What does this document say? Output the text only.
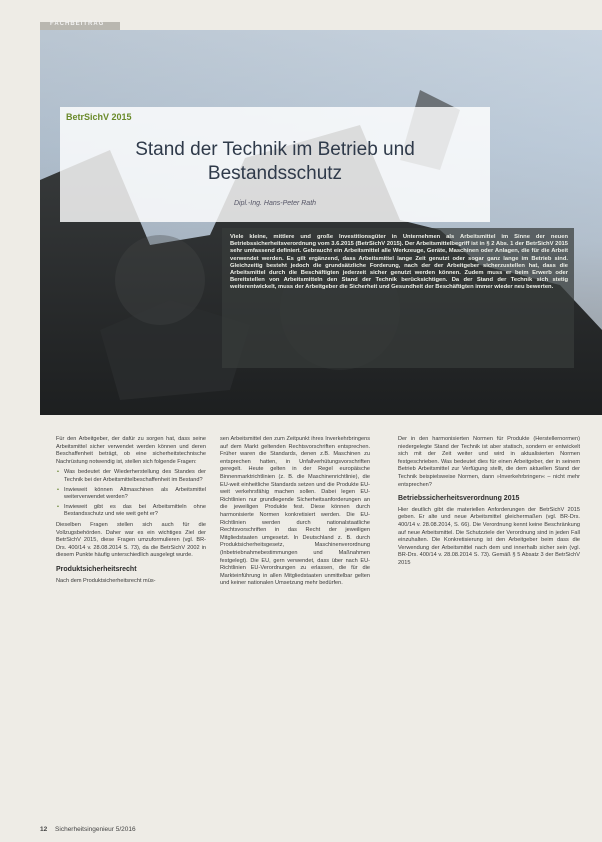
FACHBEITRAG
BetrSichV 2015
Stand der Technik im Betrieb und Bestandsschutz
Dipl.-Ing. Hans-Peter Rath
Viele kleine, mittlere und große Investitionsgüter in Unternehmen als Arbeitsmittel im Sinne der neuen Betriebssicherheitsverordnung vom 3.6.2015 (BetrSichV 2015). Der Arbeitsmittelbegriff ist in § 2 Abs. 1 der BetrSichV 2015 sehr umfassend definiert. Gebraucht ein Arbeitsmittel alle Werkzeuge, Geräte, Maschinen oder Anlagen, die für die Arbeit verwendet werden. Es gilt ergänzend, dass Arbeitsmittel lange Zeit genutzt oder sogar ganz lange im Betrieb sind. Gleichzeitig besteht jedoch die grundsätzliche Forderung, nach der der Arbeitgeber sicherzustellen hat, dass die Arbeitsmittel durch die Beschäftigten jederzeit sicher genutzt werden können. Zudem muss er beim Erwerb oder Bereitstellen von Arbeitsmitteln den Stand der Technik berücksichtigen. Da der Stand der Technik sich stetig weiterentwickelt, muss der Arbeitgeber die Sicherheit und Gesundheit der Beschäftigten immer wieder neu bewerten.

Für den Arbeitgeber, der dafür zu sorgen hat, dass seine Arbeitsmittel sicher verwendet werden können und deren Beschaffenheit beträgt, ob eine sicherheitstechnische Nachrüstung notwendig ist, stellen sich folgende Fragen:

• Was bedeutet der Wiederherstellung des Standes der Technik bei der Arbeitsmittelbeschaffenheit im Bestand?
• Inwieweit können Altmaschinen als Arbeitsmittel weiterverwendet werden?
• Inwieweit gibt es das bei Arbeitsmitteln ohne Bestandsschutz und wie weit geht er?

Dieselben Fragen stellen sich auch für die Vollzugsbehörden. Daher war es ein wichtiges Ziel der BetrSichV 2015, diese Fragen umzuformulieren (vgl. BR-Drs. 400/14 v. 28.08.2014 S. 73), da die BetrSichV 2002 in diesem Punkte häufig unterschiedlich ausgelegt wurde.

Produktsicherheitsrecht

Nach dem Produktsicherheitsrecht müs-

sen Arbeitsmittel den zum Zeitpunkt ihres Inverkehrbringens auf dem Markt geltenden Rechtsvorschriften entsprechen. Früher waren die Standards, denen z.B. Maschinen zu entsprechen hatten, in Unfallverhütungsvorschriften geregelt. Heute gelten in der Regel europäische Binnenmarktrichtlinien (z. B. die Maschinenrichtlinie), die EU-weit einheitliche Standards setzen und die Produkte EU-weit verkehrsfähig machen sollen. Dabei legen EU-Richtlinien nur grundlegende Sicherheitsanforderungen an die jeweiligen Produkte fest. Diese können durch harmonisierte Normen konkretisiert werden. Die EU-Richtlinien werden durch nationalstaatliche Rechtsvorschriften in das Recht der jeweiligen Mitgliedstaaten umgesetzt. In Deutschland z. B. durch Produktsicherheitsgesetz, Maschinenverordnung (Inbetriebnahmebestimmungen und Maßnahmen festgelegt). Die EU, gern verwendet, dass über nach EU-Richtlinien EU-Verordnungen zu erlassen, die für die Markteinführung in allen Mitgliedstaaten unmittelbar gelten und keiner nationalen Umsetzung mehr bedürfen.

Der in den harmonisierten Normen für Produkte (Herstellernormen) niedergelegte Stand der Technik ist aber statisch, sondern er entwickelt sich mit der Zeit weiter und wird in aktualisierten Normen festgeschrieben. Was bedeutet dies für einen Arbeitgeber, der in seinem Betrieb Arbeitsmittel zur Verfügung stellt, die dem aktuellen Stand der Technik beispielsweise Normen, dann »Inverkehrbringen« – nicht mehr entsprechen?

Betriebssicherheitsverordnung 2015

Hier deutlich gibt die materiellen Anforderungen der BetrSichV 2015 geben. Er alte und neue Arbeitsmittel gleichermaßen (vgl. BR-Drs. 400/14 v. 28.08.2014, S. 66). Die Verordnung kennt keine Beschränkung auf neue Arbeitsmittel. Die Schutzziele der Verordnung sind in jeden Fall einzuhalten. Die Konkretisierung ist den Arbeitgeber beim dass die Verwendung der Arbeitsmittel nach dem und innerhalb sicher sein (vgl. BR-Drs. 400/14 v. 28.08.2014 S. 73). Gemäß § 5 Absatz 3 der BetrSichV 2015

12 Sicherheitsingenieur 5/2016
